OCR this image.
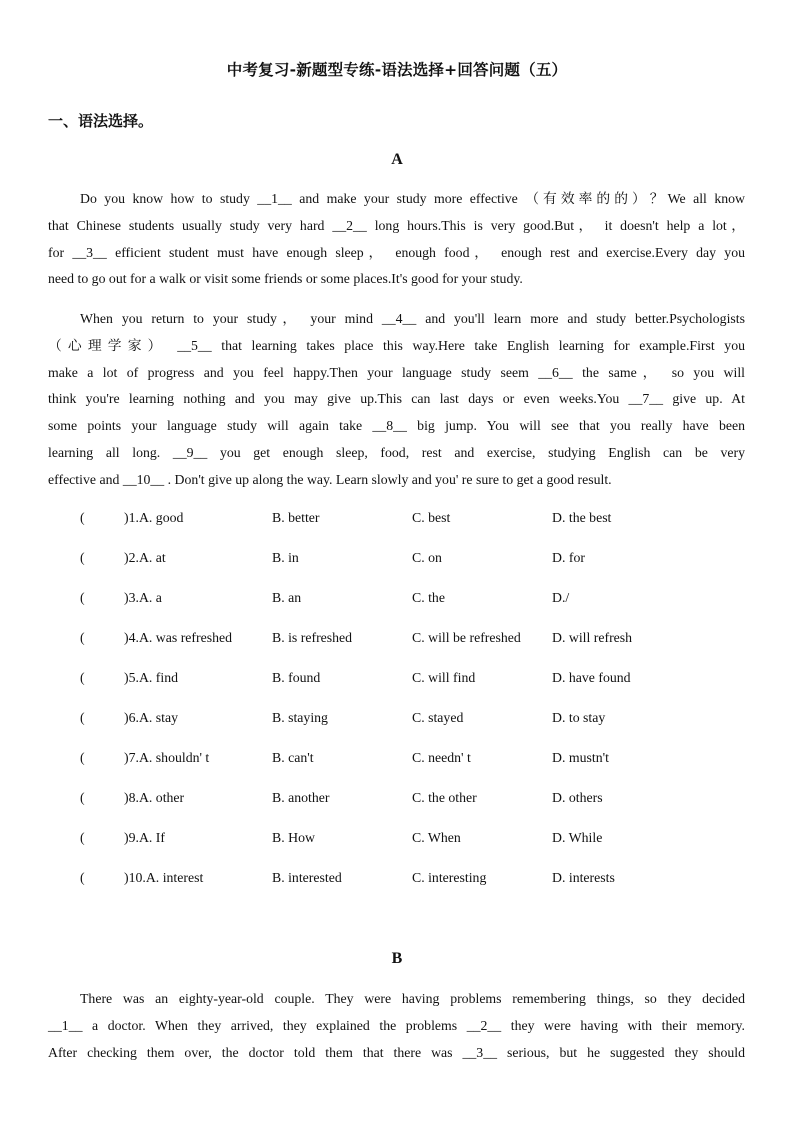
中考复习-新题型专练-语法选择+回答问题（五）
一、语法选择。
A
Do you know how to study __1__ and make your study more effective （有效率的的）？We all know
that Chinese students usually study very hard __2__ long hours.This is very good.But， it doesn't help a lot，
for __3__ efficient student must have enough sleep， enough food， enough rest and exercise.Every day you
need to go out for a walk or visit some friends or some places.It's good for your study.
When you return to your study， your mind __4__ and you'll learn more and study better.Psychologists
（心理学家） __5__ that learning takes place this way.Here take English learning for example.First you
make a lot of progress and you feel happy.Then your language study seem __6__ the same， so you will
think you're learning nothing and you may give up.This can last days or even weeks.You __7__ give up. At
some points your language study will again take __8__ big jump. You will see that you really have been
learning all long. __9__ you get enough sleep, food, rest and exercise, studying English can be very
effective and __10__ . Don't give up along the way. Learn slowly and you' re sure to get a good result.
(	)1.A. good	B. better	C. best	D. the best
(	)2.A. at	B. in	C. on	D. for
(	)3.A. a	B. an	C. the	D./
(	)4.A. was refreshed	B. is refreshed	C. will be refreshed D. will refresh
(	)5.A. find	B. found	C. will find	D. have found
(	)6.A. stay	B. staying	C. stayed	D. to stay
(	)7.A. shouldn' t	B. can't	C. needn' t	D. mustn't
(	)8.A. other	B. another	C. the other	D. others
(	)9.A. If	B. How	C. When	D. While
(	)10.A. interest	B. interested	C. interesting	D. interests
B
There was an eighty-year-old couple. They were having problems remembering things, so they decided
__1__ a doctor. When they arrived, they explained the problems __2__ they were having with their memory.
After checking them over, the doctor told them that there was __3__ serious, but he suggested they should
